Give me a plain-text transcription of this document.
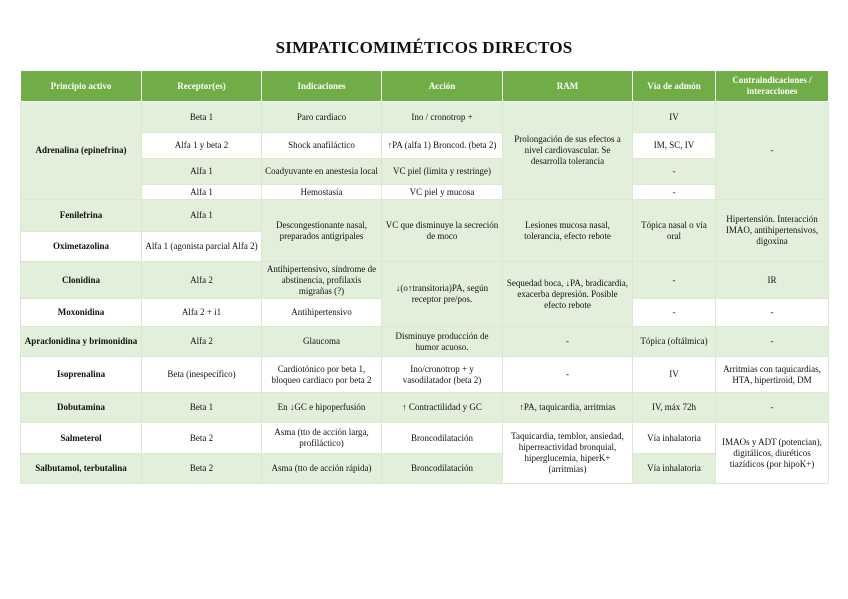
SIMPATICOMIMÉTICOS DIRECTOS
Principio activo	Receptor(es)	Indicaciones	Acción	RAM	Vía de admón	Contraindicaciones / interacciones
Adrenalina (epinefrina)	Beta 1	Paro cardiaco	Ino / cronotrop +	Prolongación de sus efectos a nivel cardiovascular. Se desarrolla tolerancia	IV	-
	Alfa 1 y beta 2	Shock anafiláctico	↑PA (alfa 1) Broncod. (beta 2)		IM, SC, IV	
	Alfa 1	Coadyuvante en anestesia local	VC piel (limita y restringe)		-	
	Alfa 1	Hemostasia	VC piel y mucosa		-	
Fenilefrina	Alfa 1	Descongestionante nasal, preparados antigripales	VC que disminuye la secreción de moco	Lesiones mucosa nasal, tolerancia, efecto rebote	Tópica nasal o vía oral	Hipertensión. Interacción IMAO, antihipertensivos, digoxina
Oximetazolina	Alfa 1 (agonista parcial Alfa 2)					
Clonidina	Alfa 2	Antihipertensivo, síndrome de abstinencia, profilaxis migrañas (?)	↓(o↑transitoria)PA, según receptor pre/pos.	Sequedad boca, ↓PA, bradicardia, exacerba depresión. Posible efecto rebote	-	IR
Moxonidina	Alfa 2 + i1	Antihipertensivo			-	-
Apraclonidina y brimonidina	Alfa 2	Glaucoma	Disminuye producción de humor acuoso.	-	Tópica (oftálmica)	-
Isoprenalina	Beta (inespecífico)	Cardiotónico por beta 1, bloqueo cardiaco por beta 2	Ino/cronotrop + y vasodilatador (beta 2)	-	IV	Arritmias con taquicardias, HTA, hipertiroid, DM
Dobutamina	Beta 1	En ↓GC e hipoperfusión	↑ Contractilidad y GC	↑PA, taquicardia, arritmias	IV, máx 72h	-
Salmeterol	Beta 2	Asma (tto de acción larga, profiláctico)	Broncodilatación	Taquicardia, temblor, ansiedad, hiperreactividad bronquial, hiperglucemia, hiperK+ (arritmias)	Vía inhalatoria	IMAOs y ADT (potencian), digitálicos, diuréticos tiazídicos (por hipoK+)
Salbutamol, terbutalina	Beta 2	Asma (tto de acción rápida)	Broncodilatación		Vía inhalatoria	
